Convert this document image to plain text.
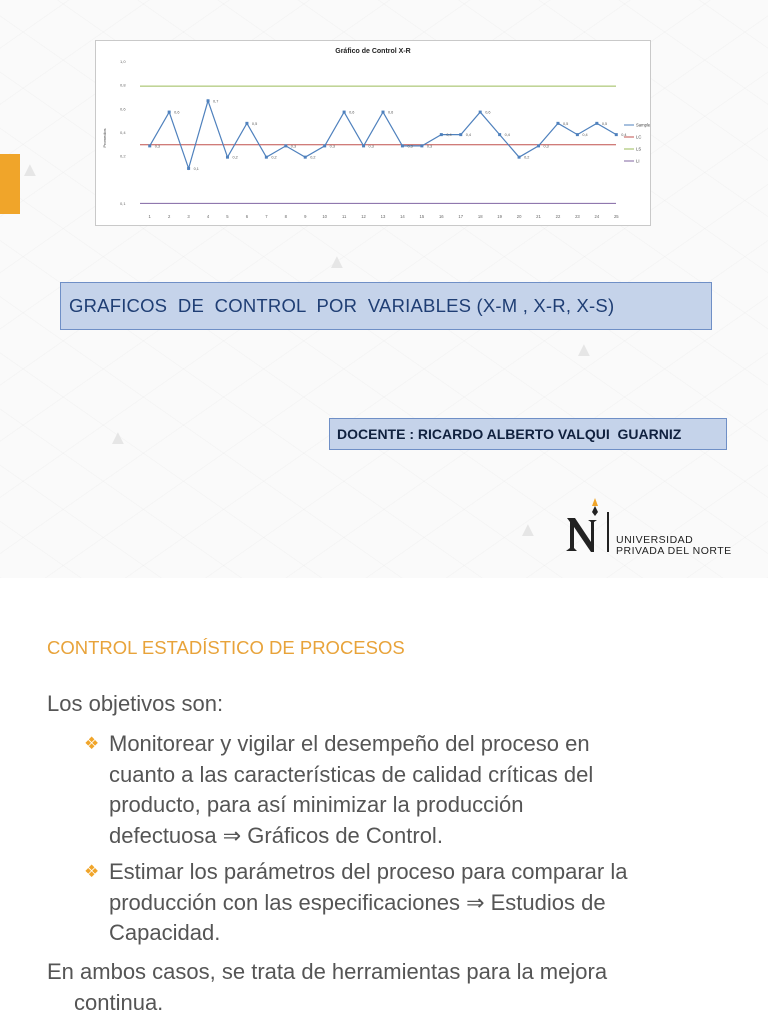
▲
▲
▲
▲
▲
Gráfico de Control X-R
Promedios
1,0
0,8
0,6
0,4
0,2
0,1
0,3
0,6
0,1
0,7
0,2
0,5
0,2
0,3
0,2
0,3
0,6
0,3
0,6
0,3	0,3
0,4	0,4
0,6
0,4
0,2
0,3
0,5
0,4
0,5
0,4
1	2	3	4	5	6	7	8	9	10	11	12	13	14	15	16	17	18	19	20	21	22	23	24	25
Sample
LC
LS
LI
GRAFICOS  DE  CONTROL  POR  VARIABLES (X-M , X-R, X-S)
DOCENTE : RICARDO ALBERTO VALQUI  GUARNIZ
UNIVERSIDAD
PRIVADA DEL NORTE
CONTROL ESTADÍSTICO DE PROCESOS
Los objetivos son:
❖ Monitorear y vigilar el desempeño del proceso en
cuanto a las características de calidad críticas del
producto, para así minimizar la producción
defectuosa ⇒ Gráficos de Control.
❖ Estimar los parámetros del proceso para comparar la
producción con las especificaciones ⇒ Estudios de
Capacidad.
En ambos casos, se trata de herramientas para la mejora
continua.
